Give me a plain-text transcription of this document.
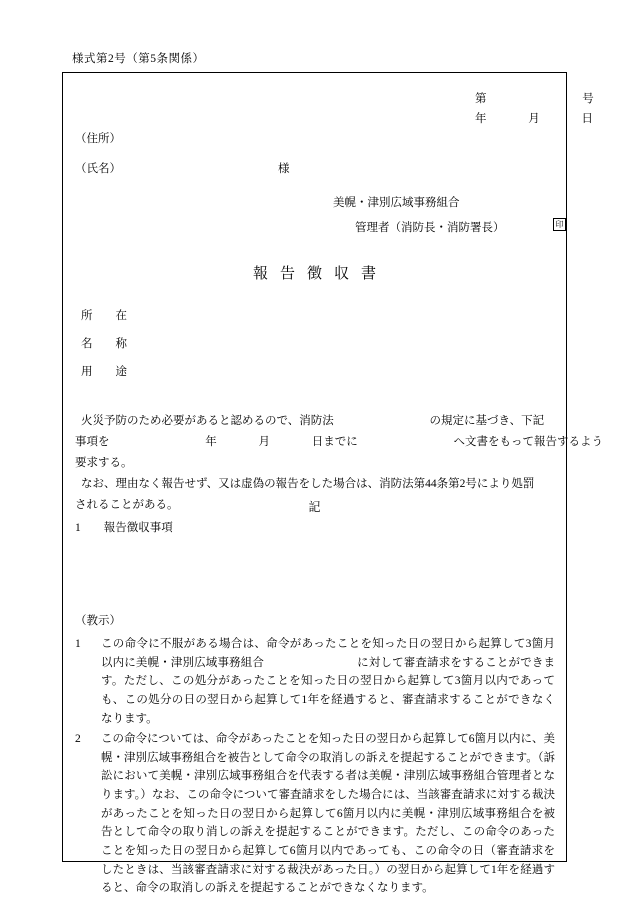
様式第2号（第5条関係）
第	号
年	月	日
（住所）
（氏名）	様
美幌・津別広域事務組合
管理者（消防長・消防署長）	印
報告徴収書
所　　在
名　　称
用　　途
火災予防のため必要があると認めるので、消防法	の規定に基づき、下記
事項を	年	月	日までに	へ文書をもって報告するよう
要求する。
なお、理由なく報告せず、又は虚偽の報告をした場合は、消防法第44条第2号により処罰
されることがある。	記
1　　報告徴収事項
（教示）
1	この命令に不服がある場合は、命令があったことを知った日の翌日から起算して3箇月以内に美幌・津別広域事務組合　　　　　　　　に対して審査請求をすることができます。ただし、この処分があったことを知った日の翌日から起算して3箇月以内であっても、この処分の日の翌日から起算して1年を経過すると、審査請求することができなくなります。
2	この命令については、命令があったことを知った日の翌日から起算して6箇月以内に、美幌・津別広域事務組合を被告として命令の取消しの訴えを提起することができます。（訴訟において美幌・津別広域事務組合を代表する者は美幌・津別広域事務組合管理者となります。）なお、この命令について審査請求をした場合には、当該審査請求に対する裁決があったことを知った日の翌日から起算して6箇月以内に美幌・津別広域事務組合を被告として命令の取り消しの訴えを提起することができます。ただし、この命令のあったことを知った日の翌日から起算して6箇月以内であっても、この命令の日（審査請求をしたときは、当該審査請求に対する裁決があった日。）の翌日から起算して1年を経過すると、命令の取消しの訴えを提起することができなくなります。
